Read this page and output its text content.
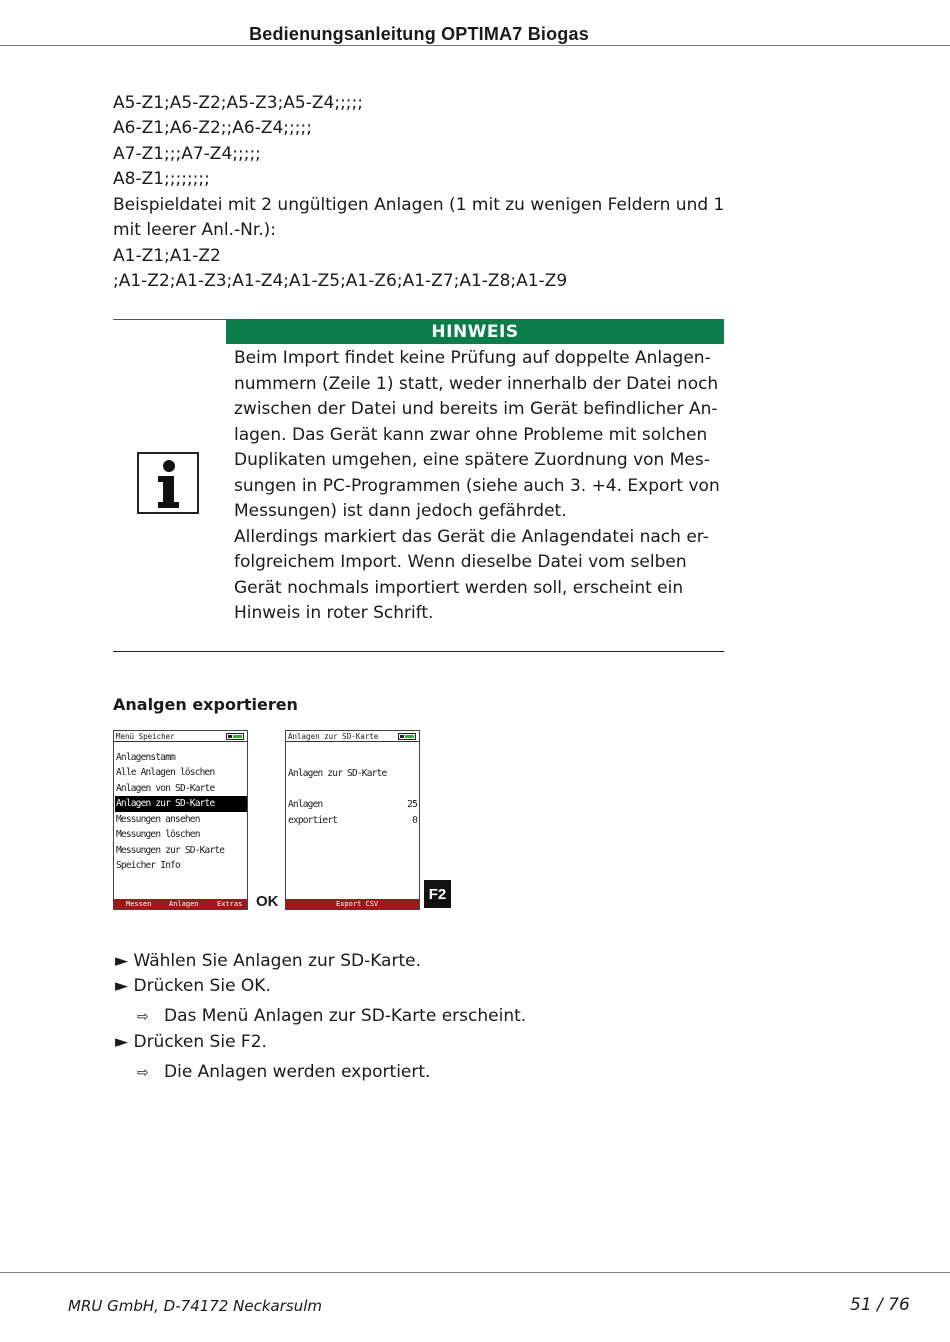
Bedienungsanleitung OPTIMA7 Biogas
A5-Z1;A5-Z2;A5-Z3;A5-Z4;;;;;
A6-Z1;A6-Z2;;A6-Z4;;;;;
A7-Z1;;;A7-Z4;;;;;
A8-Z1;;;;;;;;
Beispieldatei mit 2 ungültigen Anlagen (1 mit zu wenigen Feldern und 1
mit leerer Anl.-Nr.):
A1-Z1;A1-Z2
;A1-Z2;A1-Z3;A1-Z4;A1-Z5;A1-Z6;A1-Z7;A1-Z8;A1-Z9
HINWEIS
Beim Import findet keine Prüfung auf doppelte Anlagen-
nummern (Zeile 1) statt, weder innerhalb der Datei noch
zwischen der Datei und bereits im Gerät befindlicher An-
lagen. Das Gerät kann zwar ohne Probleme mit solchen
Duplikaten umgehen, eine spätere Zuordnung von Mes-
sungen in PC-Programmen (siehe auch 3. +4. Export von
Messungen) ist dann jedoch gefährdet.
Allerdings markiert das Gerät die Anlagendatei nach er-
folgreichem Import. Wenn dieselbe Datei vom selben
Gerät nochmals importiert werden soll, erscheint ein
Hinweis in roter Schrift.
Analgen exportieren
Menü Speicher
Anlagenstamm
Alle Anlagen löschen
Anlagen von SD-Karte
Anlagen zur SD-Karte
Messungen ansehen
Messungen löschen
Messungen zur SD-Karte
Speicher Info
Messen	Anlagen	Extras OK
Anlagen zur SD-Karte
Anlagen zur SD-Karte
Anlagen	25
exportiert	0
Export CSV
F2
► Wählen Sie Anlagen zur SD-Karte.
► Drücken Sie OK.
⇨ Das Menü Anlagen zur SD-Karte erscheint.
► Drücken Sie F2.
⇨ Die Anlagen werden exportiert.
MRU GmbH, D-74172 Neckarsulm	51 / 76
